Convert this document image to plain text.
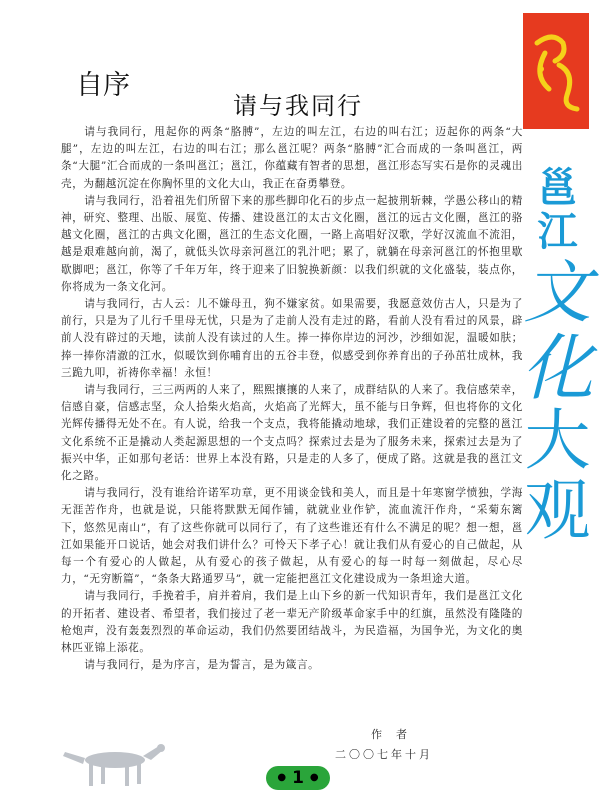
邕
江
文
化
大
观
自序
请与我同行

请与我同行，甩起你的两条“胳膊”，左边的叫左江，右边的叫右江；迈起你的两条“大腿”，左边的叫左江，右边的叫右江；那么邕江呢？两条“胳膊”汇合而成的一条叫邕江，两条“大腿”汇合而成的一条叫邕江；邕江，你蕴藏有智者的思想，邕江形态写实石是你的灵魂出壳，为翻越沉淀在你胸怀里的文化大山，我正在奋勇攀登。

请与我同行，沿着祖先们所留下来的那些脚印化石的步点一起披荆斩棘，学愚公移山的精神，研究、整理、出版、展览、传播、建设邕江的太古文化圈，邕江的远古文化圈，邕江的骆越文化圈，邕江的古典文化圈，邕江的生态文化圈，一路上高唱好汉歌，学好汉流血不流泪，越是艰难越向前，渴了，就低头饮母亲河邕江的乳汁吧；累了，就躺在母亲河邕江的怀抱里歇歇脚吧；邕江，你等了千年万年，终于迎来了旧貌换新颜：以我们织就的文化盛装，装点你，你将成为一条文化河。

请与我同行，古人云：儿不嫌母丑，狗不嫌家贫。如果需要，我愿意效仿古人，只是为了前行，只是为了儿行千里母无忧，只是为了走前人没有走过的路，看前人没有看过的风景，辟前人没有辟过的天地，读前人没有读过的人生。捧一捧你岸边的河沙，沙细如泥，温暖如肤；捧一捧你清澈的江水，似暖饮到你哺育出的五谷丰登，似感受到你养育出的子孙茁壮成林，我三跪九叩，祈祷你幸福！永恒！

请与我同行，三三两两的人来了，熙熙攘攘的人来了，成群结队的人来了。我信感荣幸，信感自豪，信感志坚，众人拾柴火焰高，火焰高了光辉大，虽不能与日争辉，但也将你的文化光辉传播得无处不在。有人说，给我一个支点，我将能撬动地球，我们正建设着的完整的邕江文化系统不正是撬动人类起源思想的一个支点吗？探索过去是为了服务未来，探索过去是为了振兴中华，正如那句老话：世界上本没有路，只是走的人多了，便成了路。这就是我的邕江文化之路。

请与我同行，没有谁给许诺军功章，更不用谈金钱和美人，而且是十年寒窗学愤独，学海无涯苦作舟，也就是说，只能将默默无闻作铺，就就业业作铲，流血流汗作舟，“采菊东篱下，悠然见南山”，有了这些你就可以同行了，有了这些谁还有什么不满足的呢？想一想，邕江如果能开口说话，她会对我们讲什么？可怜天下孝子心！就让我们从有爱心的自己做起，从每一个有爱心的人做起，从有爱心的孩子做起，从有爱心的每一时每一刻做起，尽心尽力，“无穷断篇”，“条条大路通罗马”，就一定能把邕江文化建设成为一条坦途大道。

请与我同行，手挽着手，肩并着肩，我们是上山下乡的新一代知识青年，我们是邕江文化的开拓者、建设者、希望者，我们接过了老一辈无产阶级革命家手中的红旗，虽然没有隆隆的枪炮声，没有轰轰烈烈的革命运动，我们仍然要团结战斗，为民造福，为国争光，为文化的奥林匹亚锦上添花。

请与我同行，是为序言，是为誓言，是为箴言。

作者
二〇〇七年十月
● 1 ●
